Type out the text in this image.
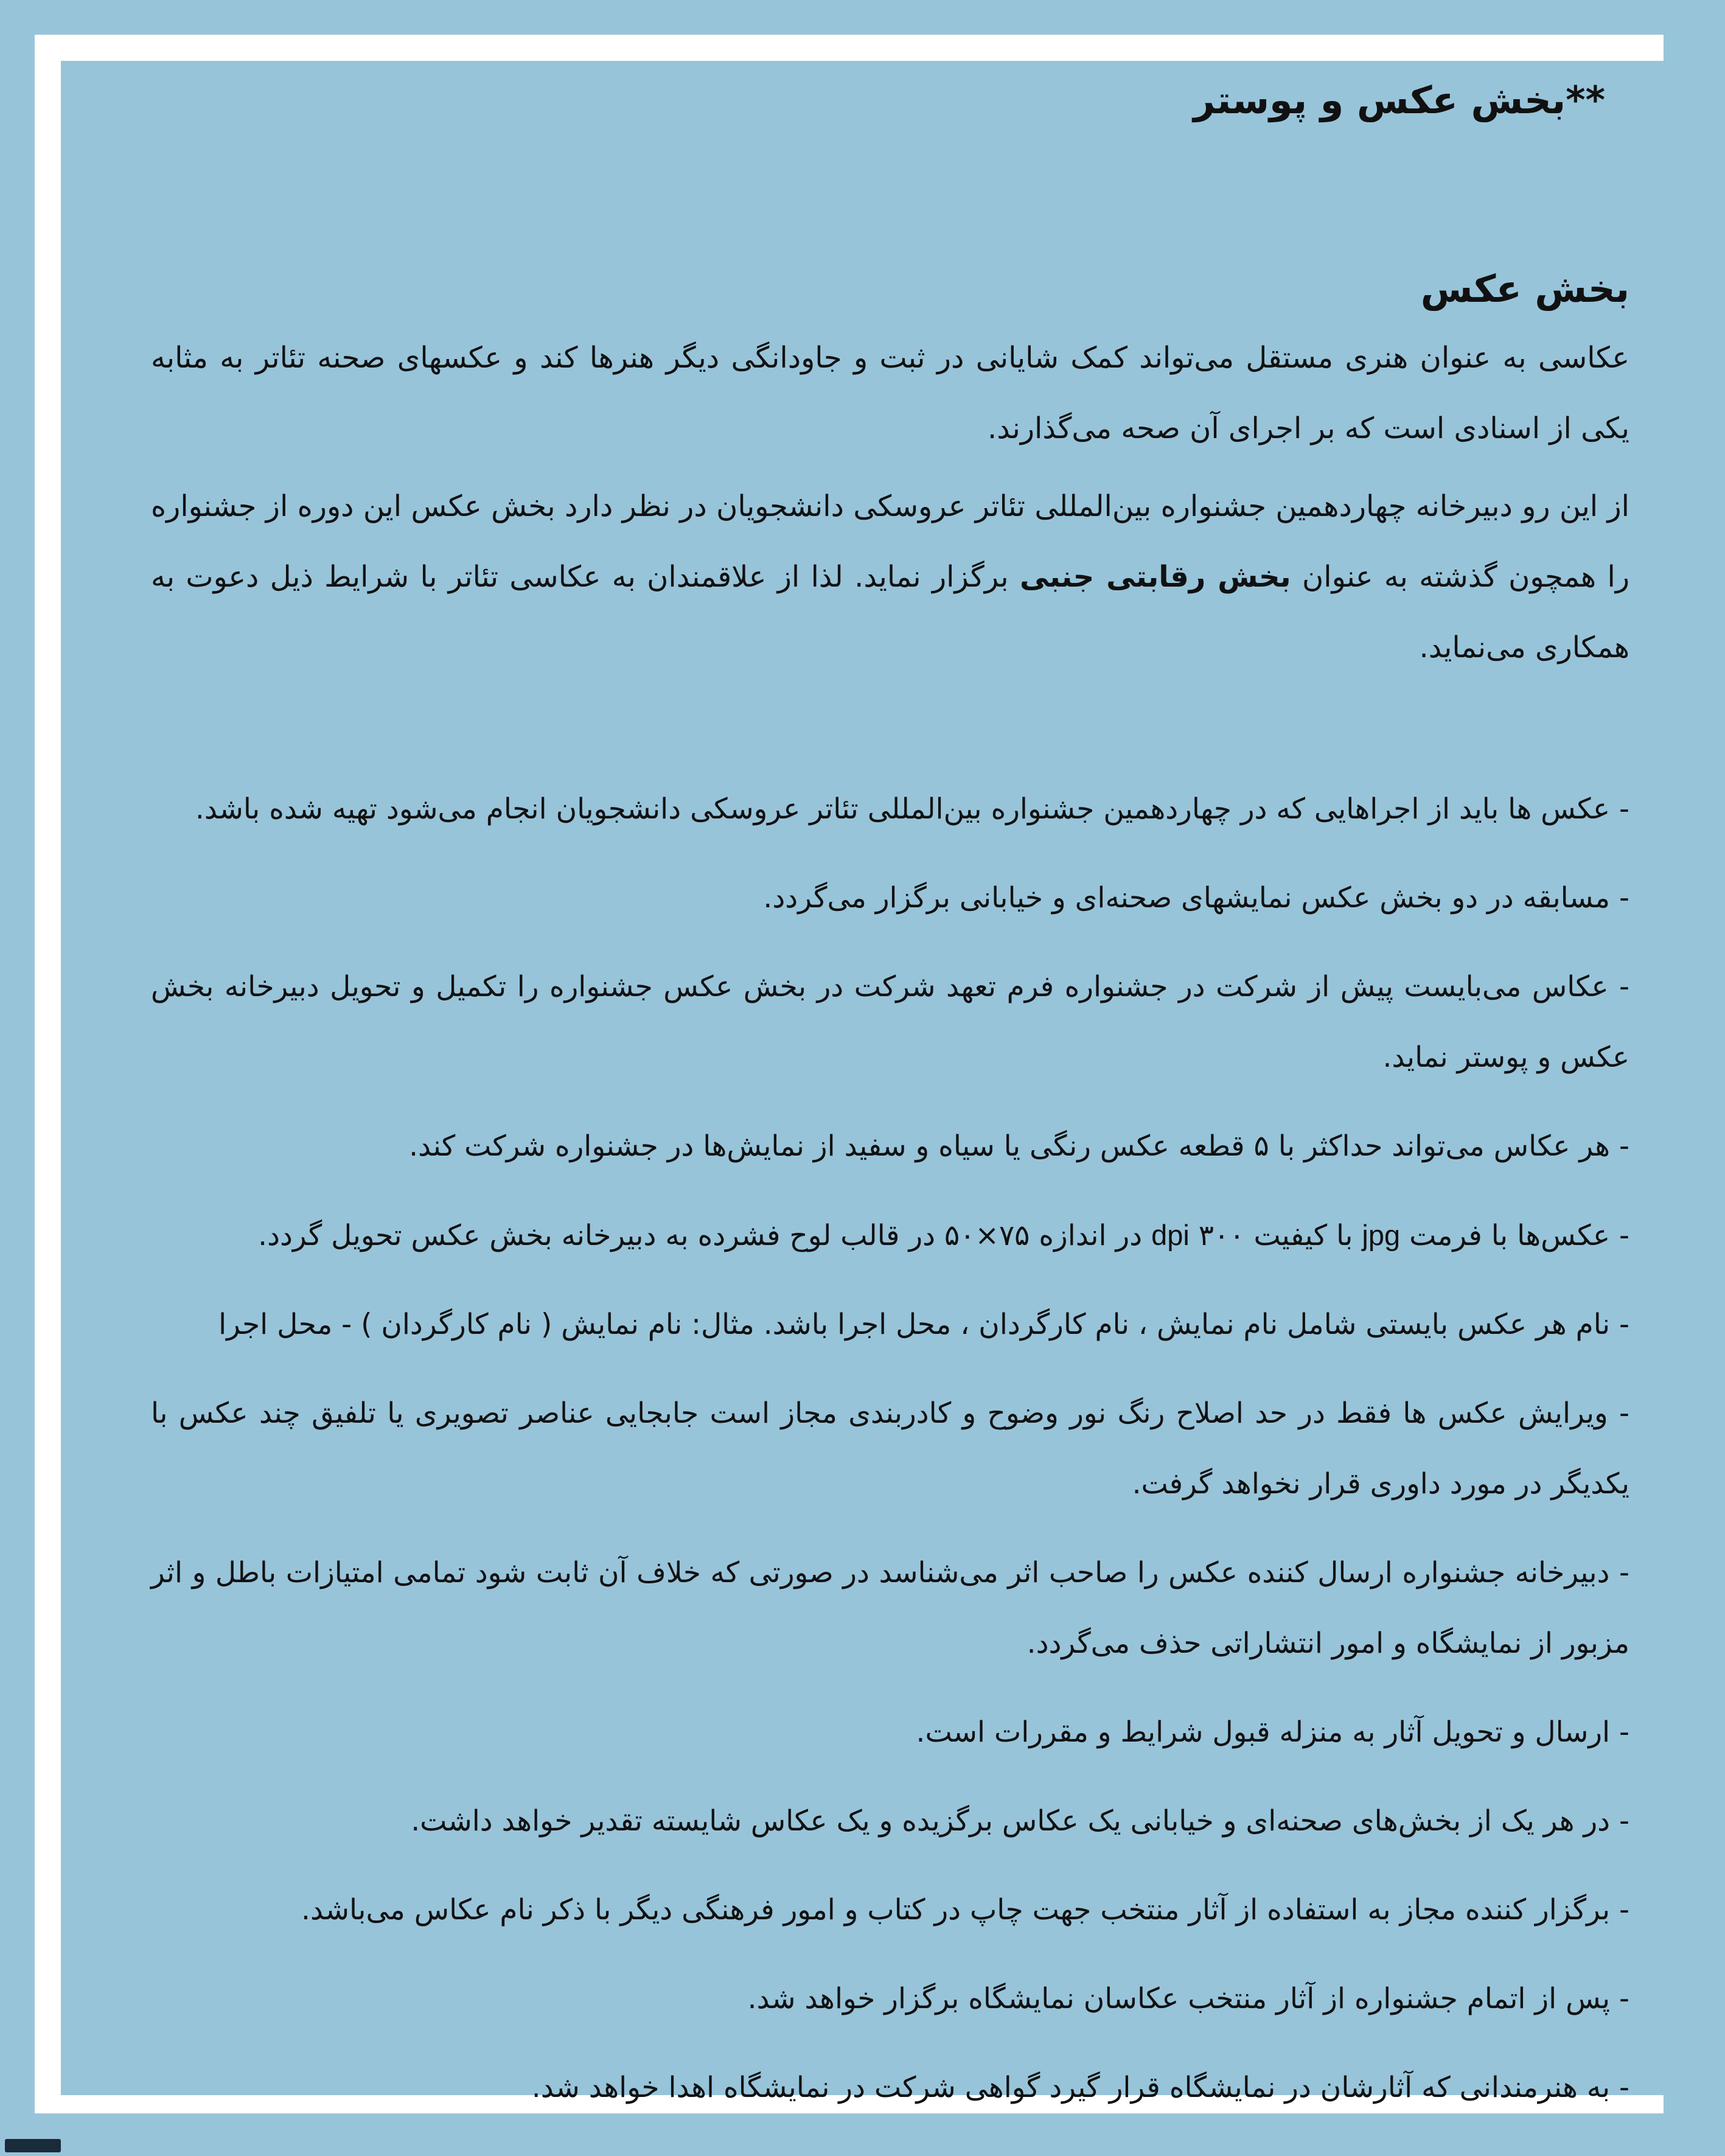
**بخش عکس و پوستر
بخش عکس

عکاسی به عنوان هنری مستقل می‌تواند کمک شایانی در ثبت و جاودانگی دیگر هنرها کند و عکسهای صحنه تئاتر به مثابه یکی از اسنادی است که بر اجرای آن صحه می‌گذارند.

از این رو دبیرخانه چهاردهمین جشنواره بین‌المللی تئاتر عروسکی دانشجویان در نظر دارد بخش عکس این دوره از جشنواره را همچون گذشته به عنوان بخش رقابتی جنبی برگزار نماید. لذا از علاقمندان به عکاسی تئاتر با شرایط ذیل دعوت به همکاری می‌نماید.

- عکس ها باید از اجراهایی که در چهاردهمین جشنواره بین‌المللی تئاتر عروسکی دانشجویان انجام می‌شود تهیه شده باشد.
- مسابقه در دو بخش عکس نمایشهای صحنه‌ای و خیابانی برگزار می‌گردد.
- عکاس می‌بایست پیش از شرکت در جشنواره فرم تعهد شرکت در بخش عکس جشنواره را تکمیل و تحویل دبیرخانه بخش عکس و پوستر نماید.
- هر عکاس می‌تواند حداکثر با ۵ قطعه عکس رنگی یا سیاه و سفید از نمایش‌ها در جشنواره شرکت کند.
- عکس‌ها با فرمت jpg با کیفیت ۳۰۰ dpi در اندازه ۷۵×۵۰ در قالب لوح فشرده به دبیرخانه بخش عکس تحویل گردد.
- نام هر عکس بایستی شامل نام نمایش ، نام کارگردان ، محل اجرا باشد. مثال: نام نمایش ( نام کارگردان ) - محل اجرا
- ویرایش عکس ها فقط در حد اصلاح رنگ نور وضوح و کادربندی مجاز است جابجایی عناصر تصویری یا تلفیق چند عکس با یکدیگر در مورد داوری قرار نخواهد گرفت.
- دبیرخانه جشنواره ارسال کننده عکس را صاحب اثر می‌شناسد در صورتی که خلاف آن ثابت شود تمامی امتیازات باطل و اثر مزبور از نمایشگاه و امور انتشاراتی حذف می‌گردد.
- ارسال و تحویل آثار به منزله قبول شرایط و مقررات است.
- در هر یک از بخش‌های صحنه‌ای و خیابانی یک عکاس برگزیده و یک عکاس شایسته تقدیر خواهد داشت.
- برگزار کننده مجاز به استفاده از آثار منتخب جهت چاپ در کتاب و امور فرهنگی دیگر با ذکر نام عکاس می‌باشد.
- پس از اتمام جشنواره از آثار منتخب عکاسان نمایشگاه برگزار خواهد شد.
- به هنرمندانی که آثارشان در نمایشگاه قرار گیرد گواهی شرکت در نمایشگاه اهدا خواهد شد.
